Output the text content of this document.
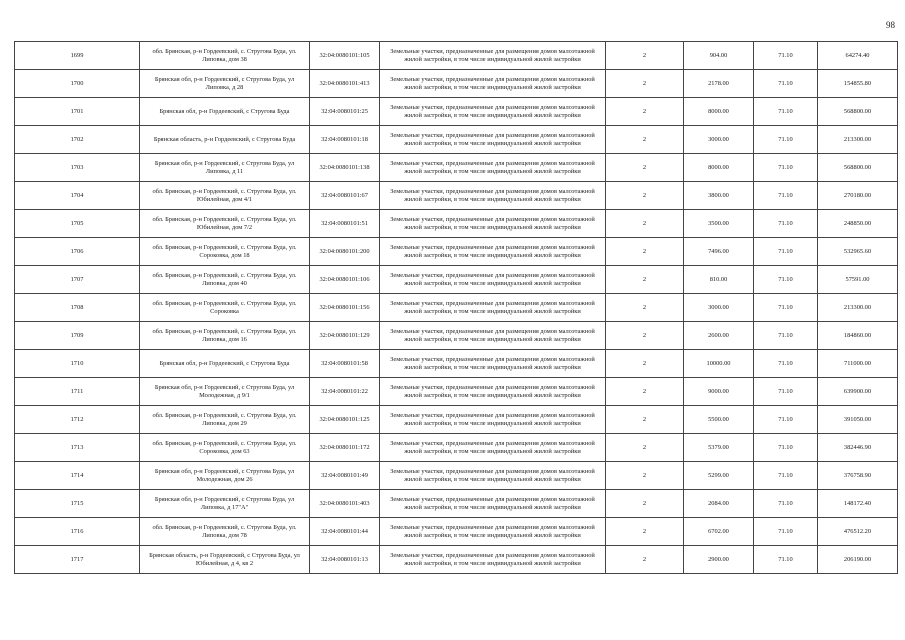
98
1699	обл. Брянская, р-н Гордеевский, с. Стругова Буда, ул. Липовка, дом 38	32:04:0080101:105	Земельные участки, предназначенные для размещения домов малоэтажной жилой застройки, в том числе индивидуальной жилой застройки	2	904.00	71.10	64274.40
1700	Брянская обл, р-н Гордеевский, с Стругова Буда, ул Липовка, д 28	32:04:0080101:413	Земельные участки, предназначенные для размещения домов малоэтажной жилой застройки, в том числе индивидуальной жилой застройки	2	2178.00	71.10	154855.80
1701	Брянская обл, р-н Гордеевский, с Стругова Буда	32:04:0080101:25	Земельные участки, предназначенные для размещения домов малоэтажной жилой застройки, в том числе индивидуальной жилой застройки	2	8000.00	71.10	568800.00
1702	Брянская область, р-н Гордеевский, с Стругова Буда	32:04:0080101:18	Земельные участки, предназначенные для размещения домов малоэтажной жилой застройки, в том числе индивидуальной жилой застройки	2	3000.00	71.10	213300.00
1703	Брянская обл, р-н Гордеевский, с Стругова Буда, ул Липовка, д 11	32:04:0080101:138	Земельные участки, предназначенные для размещения домов малоэтажной жилой застройки, в том числе индивидуальной жилой застройки	2	8000.00	71.10	568800.00
1704	обл. Брянская, р-н Гордеевский, с. Стругова Буда, ул. Юбилейная, дом 4/1	32:04:0080101:67	Земельные участки, предназначенные для размещения домов малоэтажной жилой застройки, в том числе индивидуальной жилой застройки	2	3800.00	71.10	270180.00
1705	обл. Брянская, р-н Гордеевский, с. Стругова Буда, ул. Юбилейная, дом 7/2	32:04:0080101:51	Земельные участки, предназначенные для размещения домов малоэтажной жилой застройки, в том числе индивидуальной жилой застройки	2	3500.00	71.10	248850.00
1706	обл. Брянская, р-н Гордеевский, с. Стругова Буда, ул. Сороковка, дом 18	32:04:0080101:200	Земельные участки, предназначенные для размещения домов малоэтажной жилой застройки, в том числе индивидуальной жилой застройки	2	7496.00	71.10	532965.60
1707	обл. Брянская, р-н Гордеевский, с. Стругова Буда, ул. Липовка, дом 40	32:04:0080101:106	Земельные участки, предназначенные для размещения домов малоэтажной жилой застройки, в том числе индивидуальной жилой застройки	2	810.00	71.10	57591.00
1708	обл. Брянская, р-н Гордеевский, с. Стругова Буда, ул. Сороковка	32:04:0080101:156	Земельные участки, предназначенные для размещения домов малоэтажной жилой застройки, в том числе индивидуальной жилой застройки	2	3000.00	71.10	213300.00
1709	обл. Брянская, р-н Гордеевский, с. Стругова Буда, ул. Липовка, дом 16	32:04:0080101:129	Земельные участки, предназначенные для размещения домов малоэтажной жилой застройки, в том числе индивидуальной жилой застройки	2	2600.00	71.10	184860.00
1710	Брянская обл, р-н Гордеевский, с Стругова Буда	32:04:0080101:58	Земельные участки, предназначенные для размещения домов малоэтажной жилой застройки, в том числе индивидуальной жилой застройки	2	10000.00	71.10	711000.00
1711	Брянская обл, р-н Гордеевский, с Стругова Буда, ул Молодежная, д 9/1	32:04:0080101:22	Земельные участки, предназначенные для размещения домов малоэтажной жилой застройки, в том числе индивидуальной жилой застройки	2	9000.00	71.10	639900.00
1712	обл. Брянская, р-н Гордеевский, с. Стругова Буда, ул. Липовка, дом 29	32:04:0080101:125	Земельные участки, предназначенные для размещения домов малоэтажной жилой застройки, в том числе индивидуальной жилой застройки	2	5500.00	71.10	391050.00
1713	обл. Брянская, р-н Гордеевский, с. Стругова Буда, ул. Сороковка, дом 63	32:04:0080101:172	Земельные участки, предназначенные для размещения домов малоэтажной жилой застройки, в том числе индивидуальной жилой застройки	2	5379.00	71.10	382446.90
1714	Брянская обл, р-н Гордеевский, с Стругова Буда, ул Молодежная, дом 26	32:04:0080101:49	Земельные участки, предназначенные для размещения домов малоэтажной жилой застройки, в том числе индивидуальной жилой застройки	2	5299.00	71.10	376758.90
1715	Брянская обл, р-н Гордеевский, с Стругова Буда, ул Липовка, д 17"А"	32:04:0080101:403	Земельные участки, предназначенные для размещения домов малоэтажной жилой застройки, в том числе индивидуальной жилой застройки	2	2084.00	71.10	148172.40
1716	обл. Брянская, р-н Гордеевский, с. Стругова Буда, ул. Липовка, дом 78	32:04:0080101:44	Земельные участки, предназначенные для размещения домов малоэтажной жилой застройки, в том числе индивидуальной жилой застройки	2	6702.00	71.10	476512.20
1717	Брянская область, р-н Гордеевский, с Стругова Буда, ул Юбилейная, д 4, кв 2	32:04:0080101:13	Земельные участки, предназначенные для размещения домов малоэтажной жилой застройки, в том числе индивидуальной жилой застройки	2	2900.00	71.10	206190.00
